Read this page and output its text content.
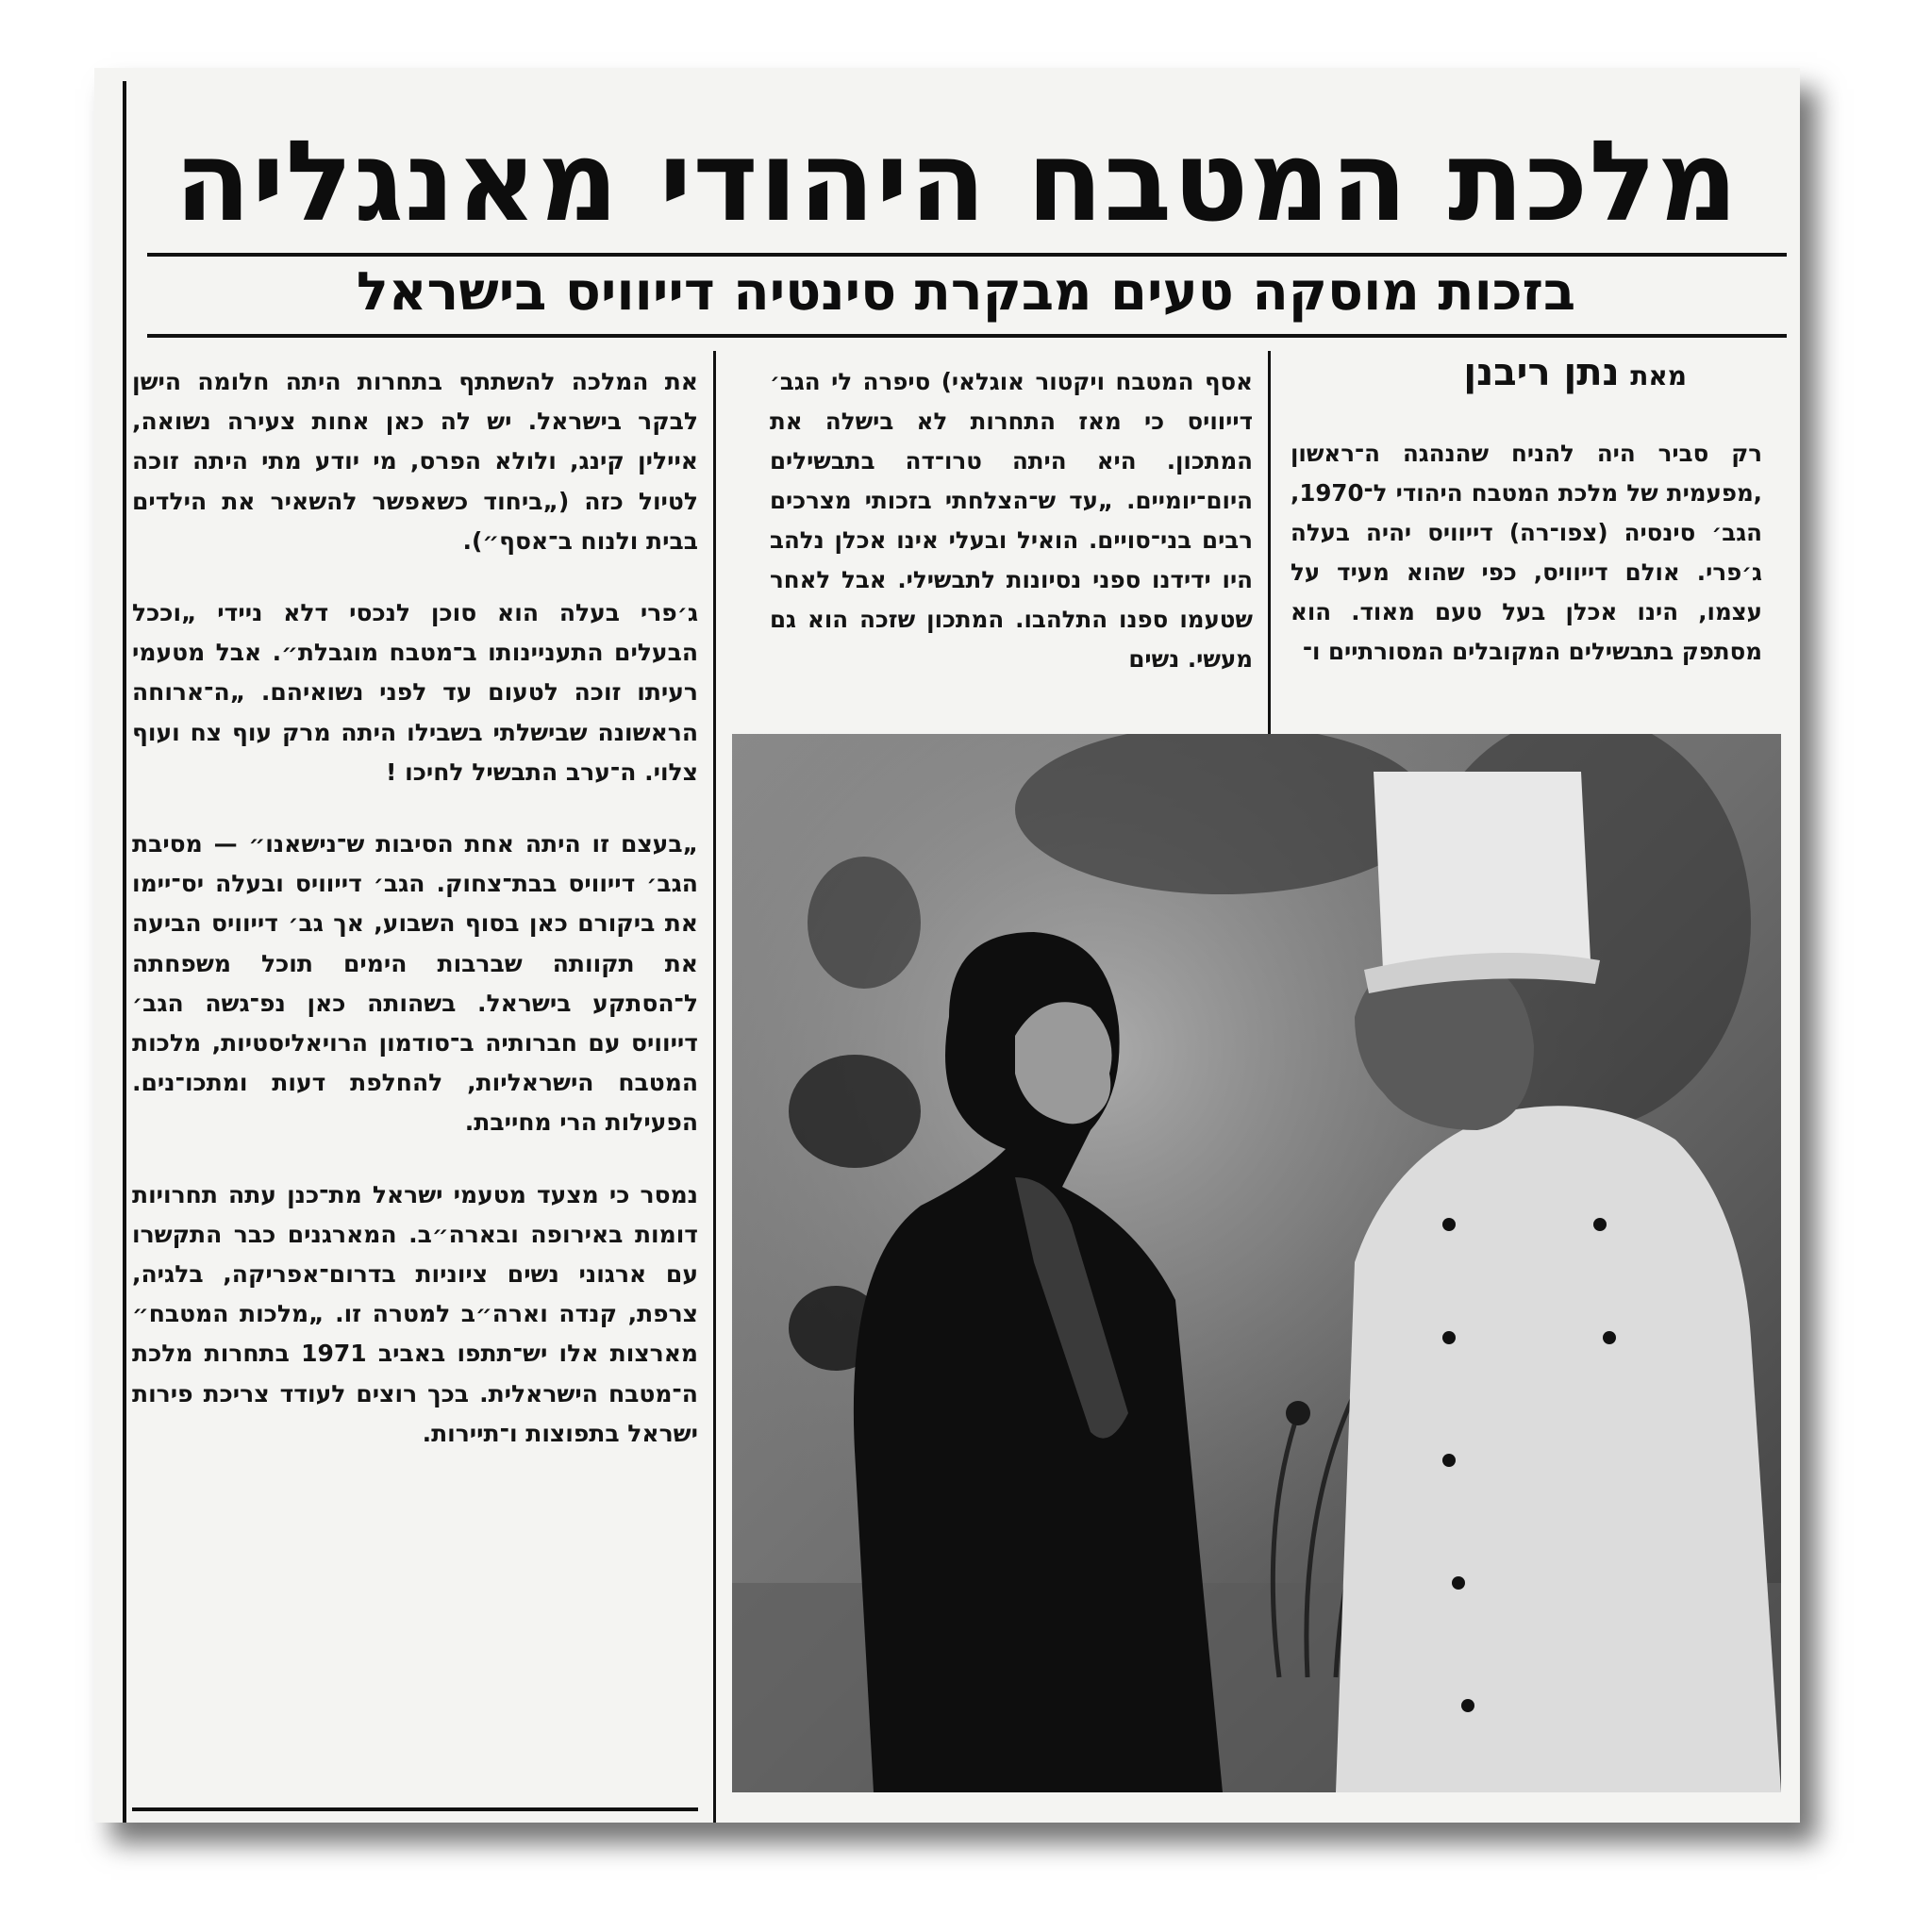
מלכת המטבח היהודי מאנגליה
בזכות מוסקה טעים מבקרת סינטיה דייוויס בישראל
מאת נתן ריבנן

רק סביר היה להניח שהנהגה ה־ראשון ,מפעמית של מלכת המטבח היהודי ל־1970, הגב׳ סינסיה (צפו־רה) דייוויס יהיה בעלה ג׳פרי. אולם דייוויס, כפי שהוא מעיד על עצמו, הינו אכלן בעל טעם מאוד. הוא מסתפק בתבשילים המקובלים המסורתיים ו־

אסף המטבח ויקטור אוגלאי) סיפרה לי הגב׳ דייוויס כי מאז התחרות לא בישלה את המתכון. היא היתה טרו־דה בתבשילים היום־יומיים. „עד ש־הצלחתי בזכותי מצרכים רבים בני־סויים. הואיל ובעלי אינו אכלן נלהב היו ידידנו ספני נסיונות לתבשילי. אבל לאחר שטעמו ספנו התלהבו. המתכון שזכה הוא גם מעשי. נשים

את המלכה להשתתף בתחרות היתה חלומה הישן לבקר בישראל. יש לה כאן אחות צעירה נשואה, איילין קינג, ולולא הפרס, מי יודע מתי היתה זוכה לטיול כזה („ביחוד כשאפשר להשאיר את הילדים בבית ולנוח ב־אסף״).

ג׳פרי בעלה הוא סוכן לנכסי דלא ניידי „וככל הבעלים התעניינותו ב־מטבח מוגבלת״. אבל מטעמי רעיתו זוכה לטעום עד לפני נשואיהם. „ה־ארוחה הראשונה שבישלתי בשבילו היתה מרק עוף צח ועוף צלוי. ה־ערב התבשיל לחיכו !

„בעצם זו היתה אחת הסיבות ש־נישאנו״ — מסיבת הגב׳ דייוויס בבת־צחוק. הגב׳ דייוויס ובעלה יס־יימו את ביקורם כאן בסוף השבוע, אך גב׳ דייוויס הביעה את תקוותה שברבות הימים תוכל משפחתה ל־הסתקע בישראל. בשהותה כאן נפ־גשה הגב׳ דייוויס עם חברותיה ב־סודמון הרויאליסטיות, מלכות המטבח הישראליות, להחלפת דעות ומתכו־נים. הפעילות הרי מחייבת.

נמסר כי מצעד מטעמי ישראל מת־כנן עתה תחרויות דומות באירופה ובארה״ב. המארגנים כבר התקשרו עם ארגוני נשים ציוניות בדרום־אפריקה, בלגיה, צרפת, קנדה וארה״ב למטרה זו. „מלכות המטבח״ מארצות אלו יש־תתפו באביב 1971 בתחרות מלכת ה־מטבח הישראלית. בכך רוצים לעודד צריכת פירות ישראל בתפוצות ו־תיירות.
